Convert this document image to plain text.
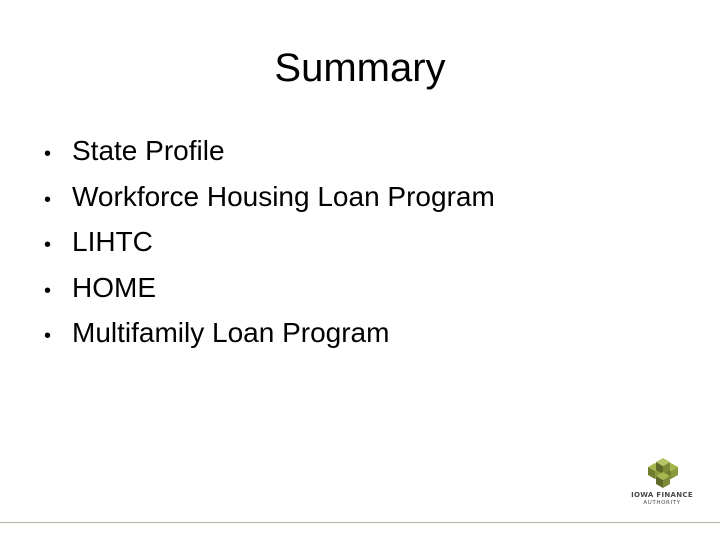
Summary
• State Profile
• Workforce Housing Loan Program
• LIHTC
• HOME
• Multifamily Loan Program
IOWA FINANCE
AUTHORITY
